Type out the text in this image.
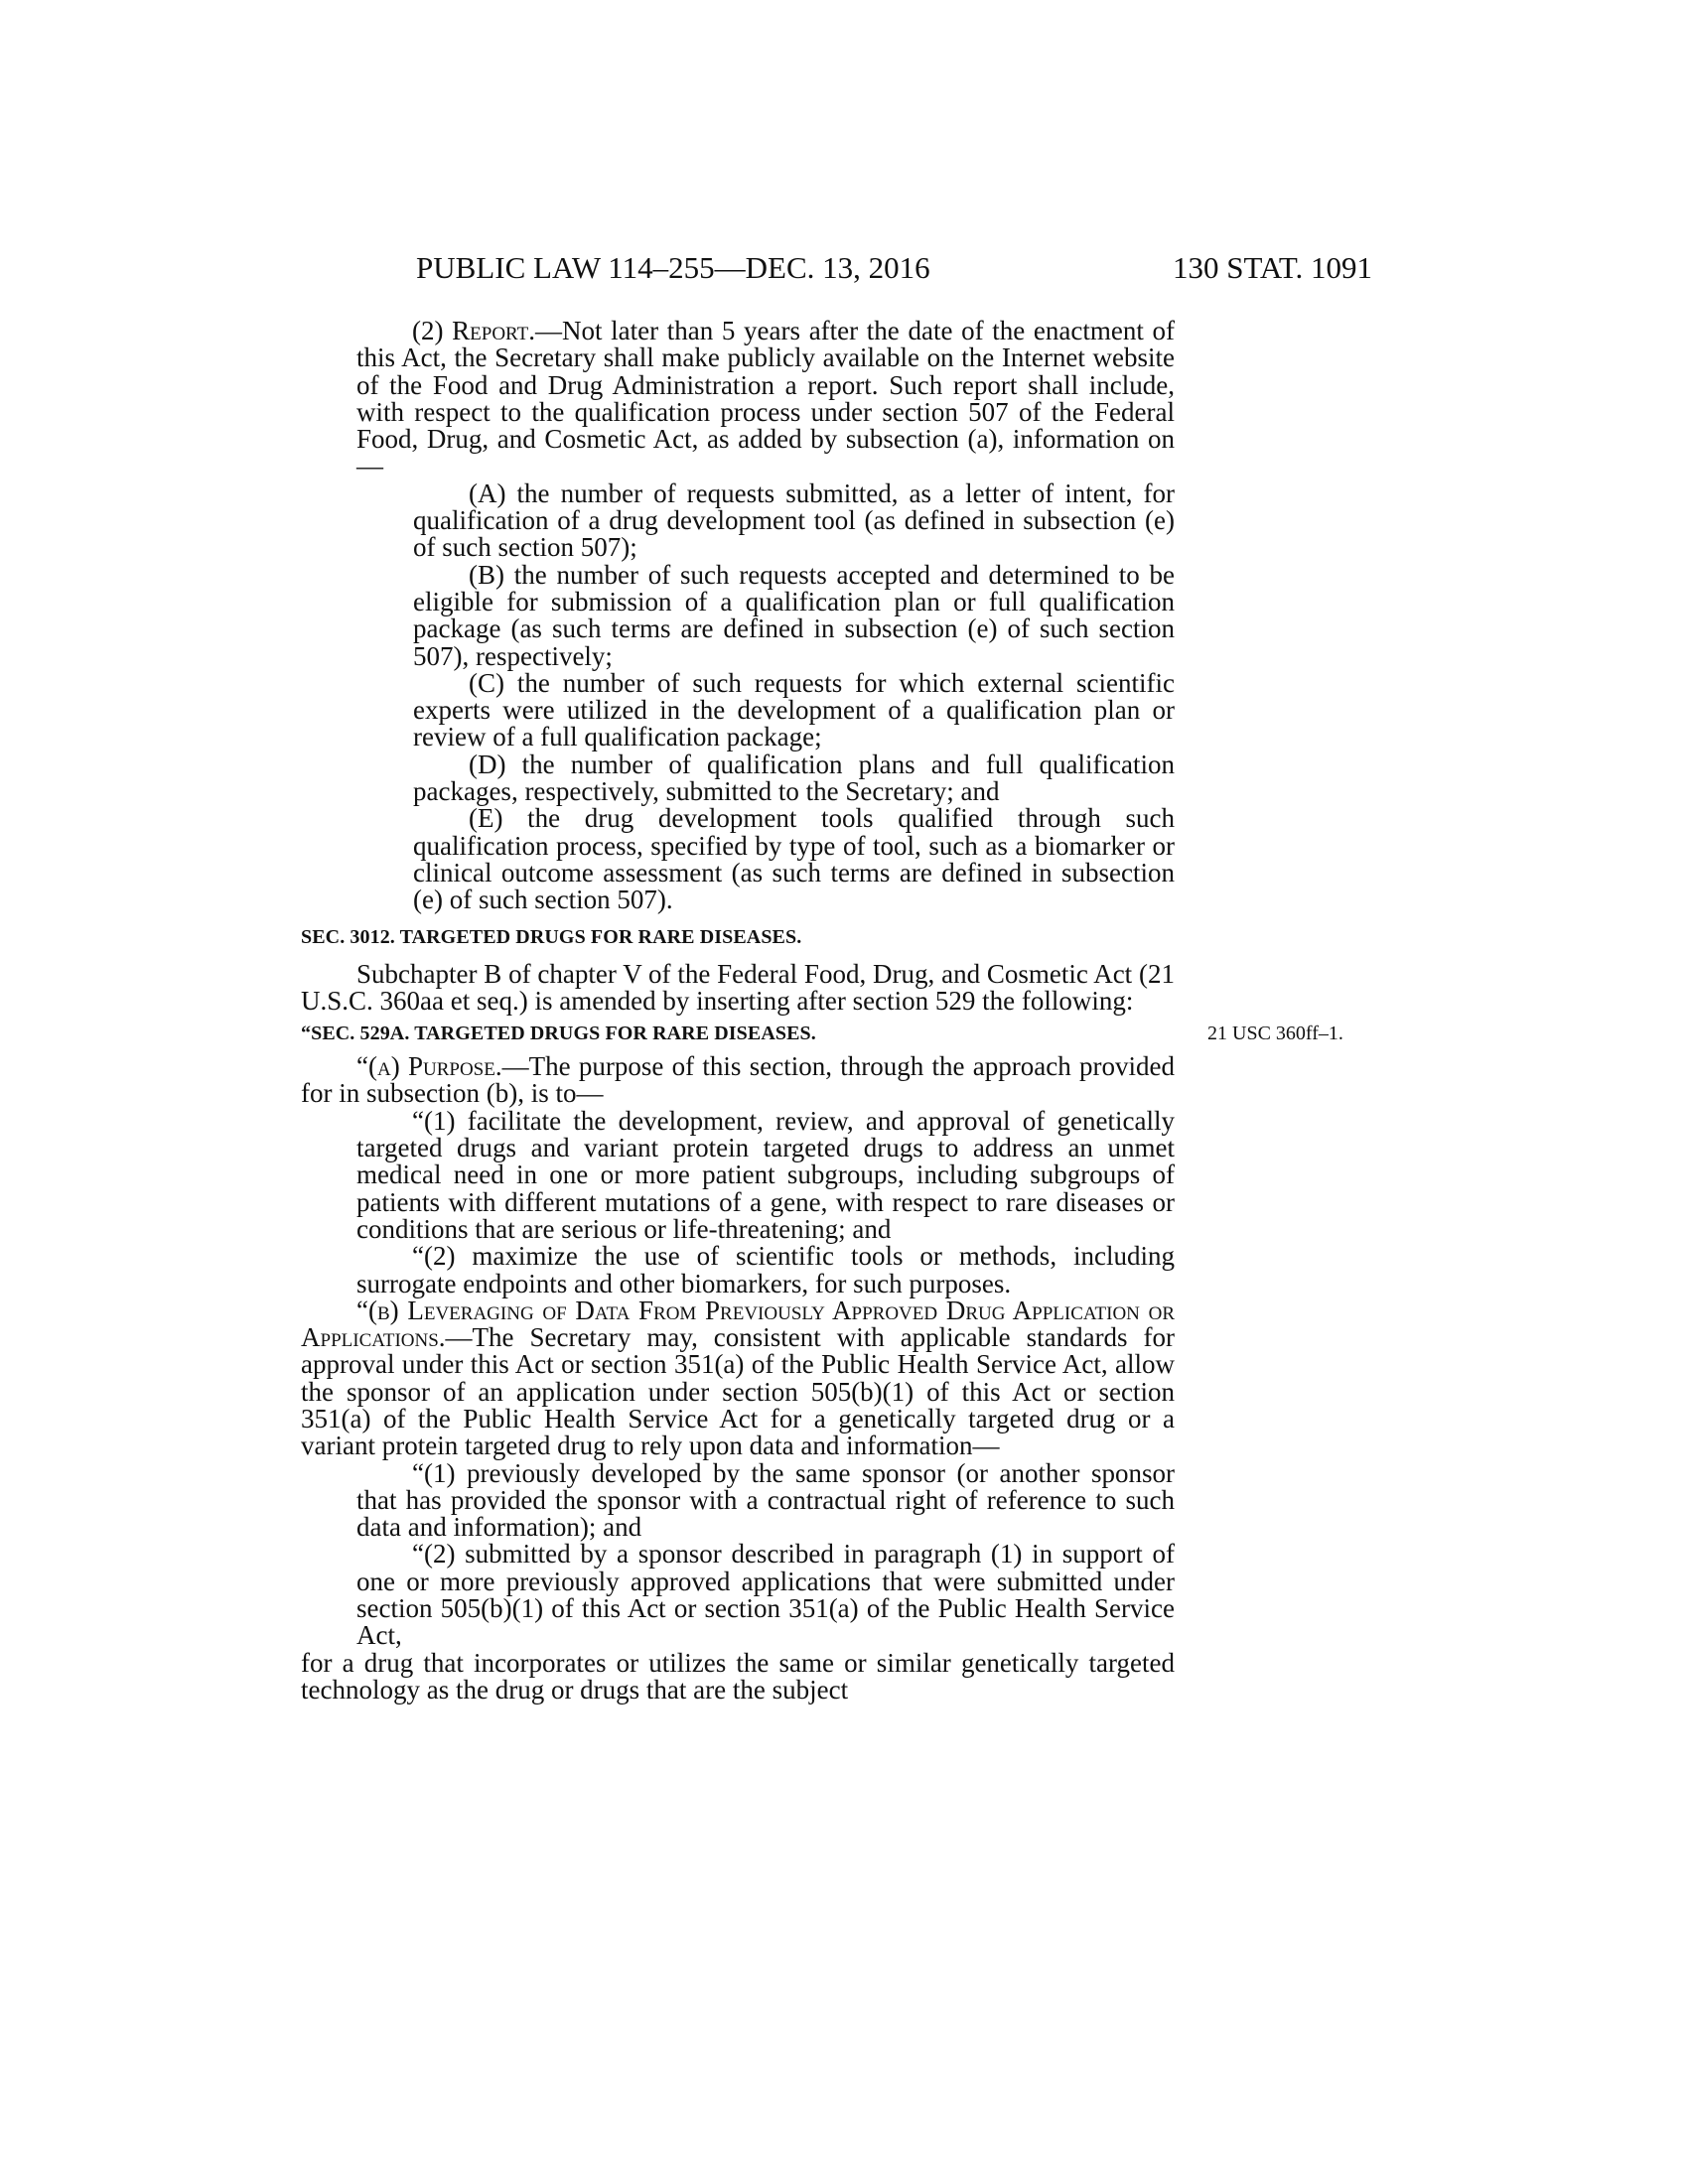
PUBLIC LAW 114–255—DEC. 13, 2016	130 STAT. 1091

(2) Report.—Not later than 5 years after the date of the enactment of this Act, the Secretary shall make publicly available on the Internet website of the Food and Drug Administration a report. Such report shall include, with respect to the qualification process under section 507 of the Federal Food, Drug, and Cosmetic Act, as added by subsection (a), information on—

(A) the number of requests submitted, as a letter of intent, for qualification of a drug development tool (as defined in subsection (e) of such section 507);

(B) the number of such requests accepted and determined to be eligible for submission of a qualification plan or full qualification package (as such terms are defined in subsection (e) of such section 507), respectively;

(C) the number of such requests for which external scientific experts were utilized in the development of a qualification plan or review of a full qualification package;

(D) the number of qualification plans and full qualification packages, respectively, submitted to the Secretary; and

(E) the drug development tools qualified through such qualification process, specified by type of tool, such as a biomarker or clinical outcome assessment (as such terms are defined in subsection (e) of such section 507).

SEC. 3012. TARGETED DRUGS FOR RARE DISEASES.

Subchapter B of chapter V of the Federal Food, Drug, and Cosmetic Act (21 U.S.C. 360aa et seq.) is amended by inserting after section 529 the following:

“SEC. 529A. TARGETED DRUGS FOR RARE DISEASES.	21 USC 360ff–1.

“(a) Purpose.—The purpose of this section, through the approach provided for in subsection (b), is to—

“(1) facilitate the development, review, and approval of genetically targeted drugs and variant protein targeted drugs to address an unmet medical need in one or more patient subgroups, including subgroups of patients with different mutations of a gene, with respect to rare diseases or conditions that are serious or life-threatening; and

“(2) maximize the use of scientific tools or methods, including surrogate endpoints and other biomarkers, for such purposes.

“(b) Leveraging of Data From Previously Approved Drug Application or Applications.—The Secretary may, consistent with applicable standards for approval under this Act or section 351(a) of the Public Health Service Act, allow the sponsor of an application under section 505(b)(1) of this Act or section 351(a) of the Public Health Service Act for a genetically targeted drug or a variant protein targeted drug to rely upon data and information—

“(1) previously developed by the same sponsor (or another sponsor that has provided the sponsor with a contractual right of reference to such data and information); and

“(2) submitted by a sponsor described in paragraph (1) in support of one or more previously approved applications that were submitted under section 505(b)(1) of this Act or section 351(a) of the Public Health Service Act,

for a drug that incorporates or utilizes the same or similar genetically targeted technology as the drug or drugs that are the subject
